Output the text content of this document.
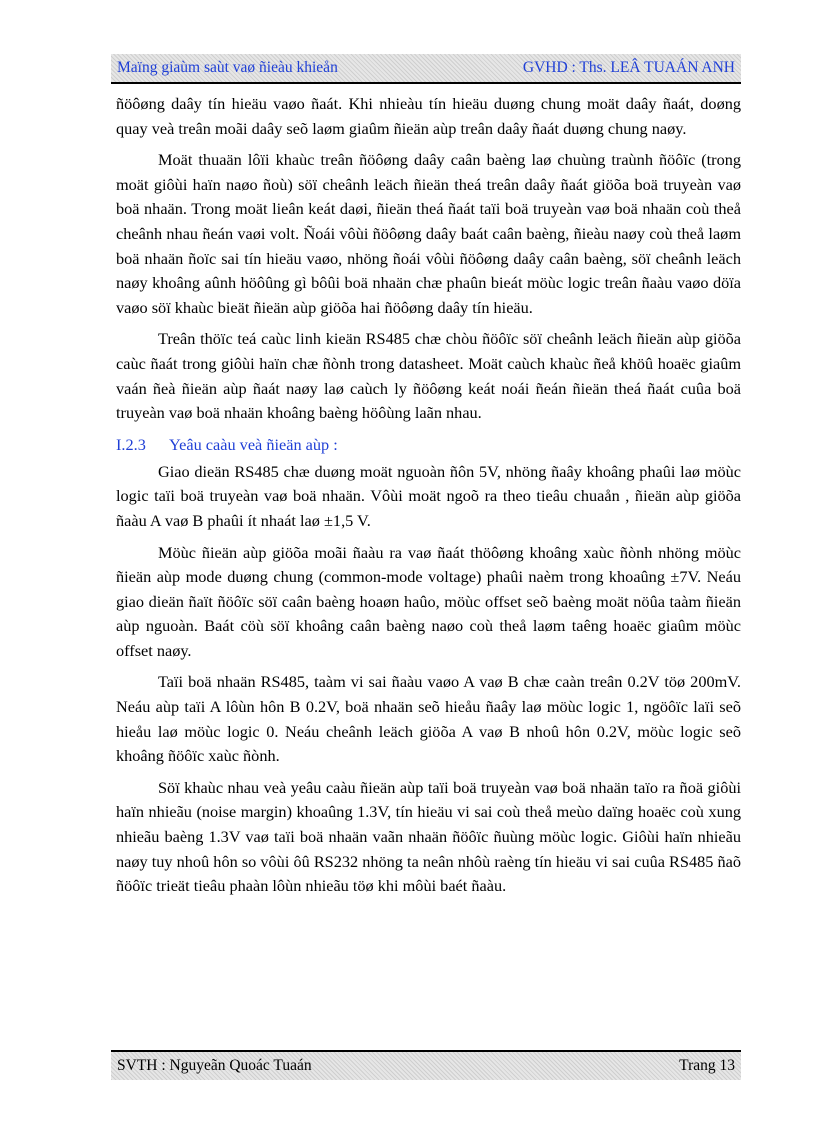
Maïng giaùm saùt vaø ñieàu khieån	GVHD : Ths. LEÂ TUAÁN ANH

ñöôøng daây tín hieäu vaøo ñaát. Khi nhieàu tín hieäu duøng chung moät daây ñaát, doøng quay veà treân moãi daây seõ laøm giaûm ñieän aùp treân daây ñaát duøng chung naøy.

Moät thuaän lôïi khaùc treân ñöôøng daây caân baèng laø chuùng traùnh ñöôïc (trong moät giôùi haïn naøo ñoù) söï cheânh leäch ñieän theá treân daây ñaát giöõa boä truyeàn vaø boä nhaän. Trong moät lieân keát daøi, ñieän theá ñaát taïi boä truyeàn vaø boä nhaän coù theå cheânh nhau ñeán vaøi volt. Ñoái vôùi ñöôøng daây baát caân baèng, ñieàu naøy coù theå laøm boä nhaän ñoïc sai tín hieäu vaøo, nhöng ñoái vôùi ñöôøng daây caân baèng, söï cheânh leäch naøy khoâng aûnh höôûng gì bôûi boä nhaän chæ phaûn bieát möùc logic treân ñaàu vaøo döïa vaøo söï khaùc bieät ñieän aùp giöõa hai ñöôøng daây tín hieäu.

Treân thöïc teá caùc linh kieän RS485 chæ chòu ñöôïc söï cheânh leäch ñieän aùp giöõa caùc ñaát trong giôùi haïn chæ ñònh trong datasheet. Moät caùch khaùc ñeå khöû hoaëc giaûm vaán ñeà ñieän aùp ñaát naøy laø caùch ly ñöôøng keát noái ñeán ñieän theá ñaát cuûa boä truyeàn vaø boä nhaän khoâng baèng höôùng laãn nhau.

I.2.3 Yeâu caàu veà ñieän aùp :

Giao dieän RS485 chæ duøng moät nguoàn ñôn 5V, nhöng ñaây khoâng phaûi laø möùc logic taïi boä truyeàn vaø boä nhaän. Vôùi moät ngoõ ra theo tieâu chuaån , ñieän aùp giöõa ñaàu A vaø B phaûi ít nhaát laø ±1,5 V.

Möùc ñieän aùp giöõa moãi ñaàu ra vaø ñaát thöôøng khoâng xaùc ñònh nhöng möùc ñieän aùp mode duøng chung (common-mode voltage) phaûi naèm trong khoaûng ±7V. Neáu giao dieän ñaït ñöôïc söï caân baèng hoaøn haûo, möùc offset seõ baèng moät nöûa taàm ñieän aùp nguoàn. Baát cöù söï khoâng caân baèng naøo coù theå laøm taêng hoaëc giaûm möùc offset naøy.

Taïi boä nhaän RS485, taàm vi sai ñaàu vaøo A vaø B chæ caàn treân 0.2V töø 200mV. Neáu aùp taïi A lôùn hôn B 0.2V, boä nhaän seõ hieåu ñaây laø möùc logic 1, ngöôïc laïi seõ hieåu laø möùc logic 0. Neáu cheânh leäch giöõa A vaø B nhoû hôn 0.2V, möùc logic seõ khoâng ñöôïc xaùc ñònh.

Söï khaùc nhau veà yeâu caàu ñieän aùp taïi boä truyeàn vaø boä nhaän taïo ra ñoä giôùi haïn nhieãu (noise margin) khoaûng 1.3V, tín hieäu vi sai coù theå meùo daïng hoaëc coù xung nhieãu baèng 1.3V vaø taïi boä nhaän vaãn nhaän ñöôïc ñuùng möùc logic. Giôùi haïn nhieãu naøy tuy nhoû hôn so vôùi ôû RS232 nhöng ta neân nhôù raèng tín hieäu vi sai cuûa RS485 ñaõ ñöôïc trieät tieâu phaàn lôùn nhieãu töø khi môùi baét ñaàu.

SVTH : Nguyeãn Quoác Tuaán	Trang 13
